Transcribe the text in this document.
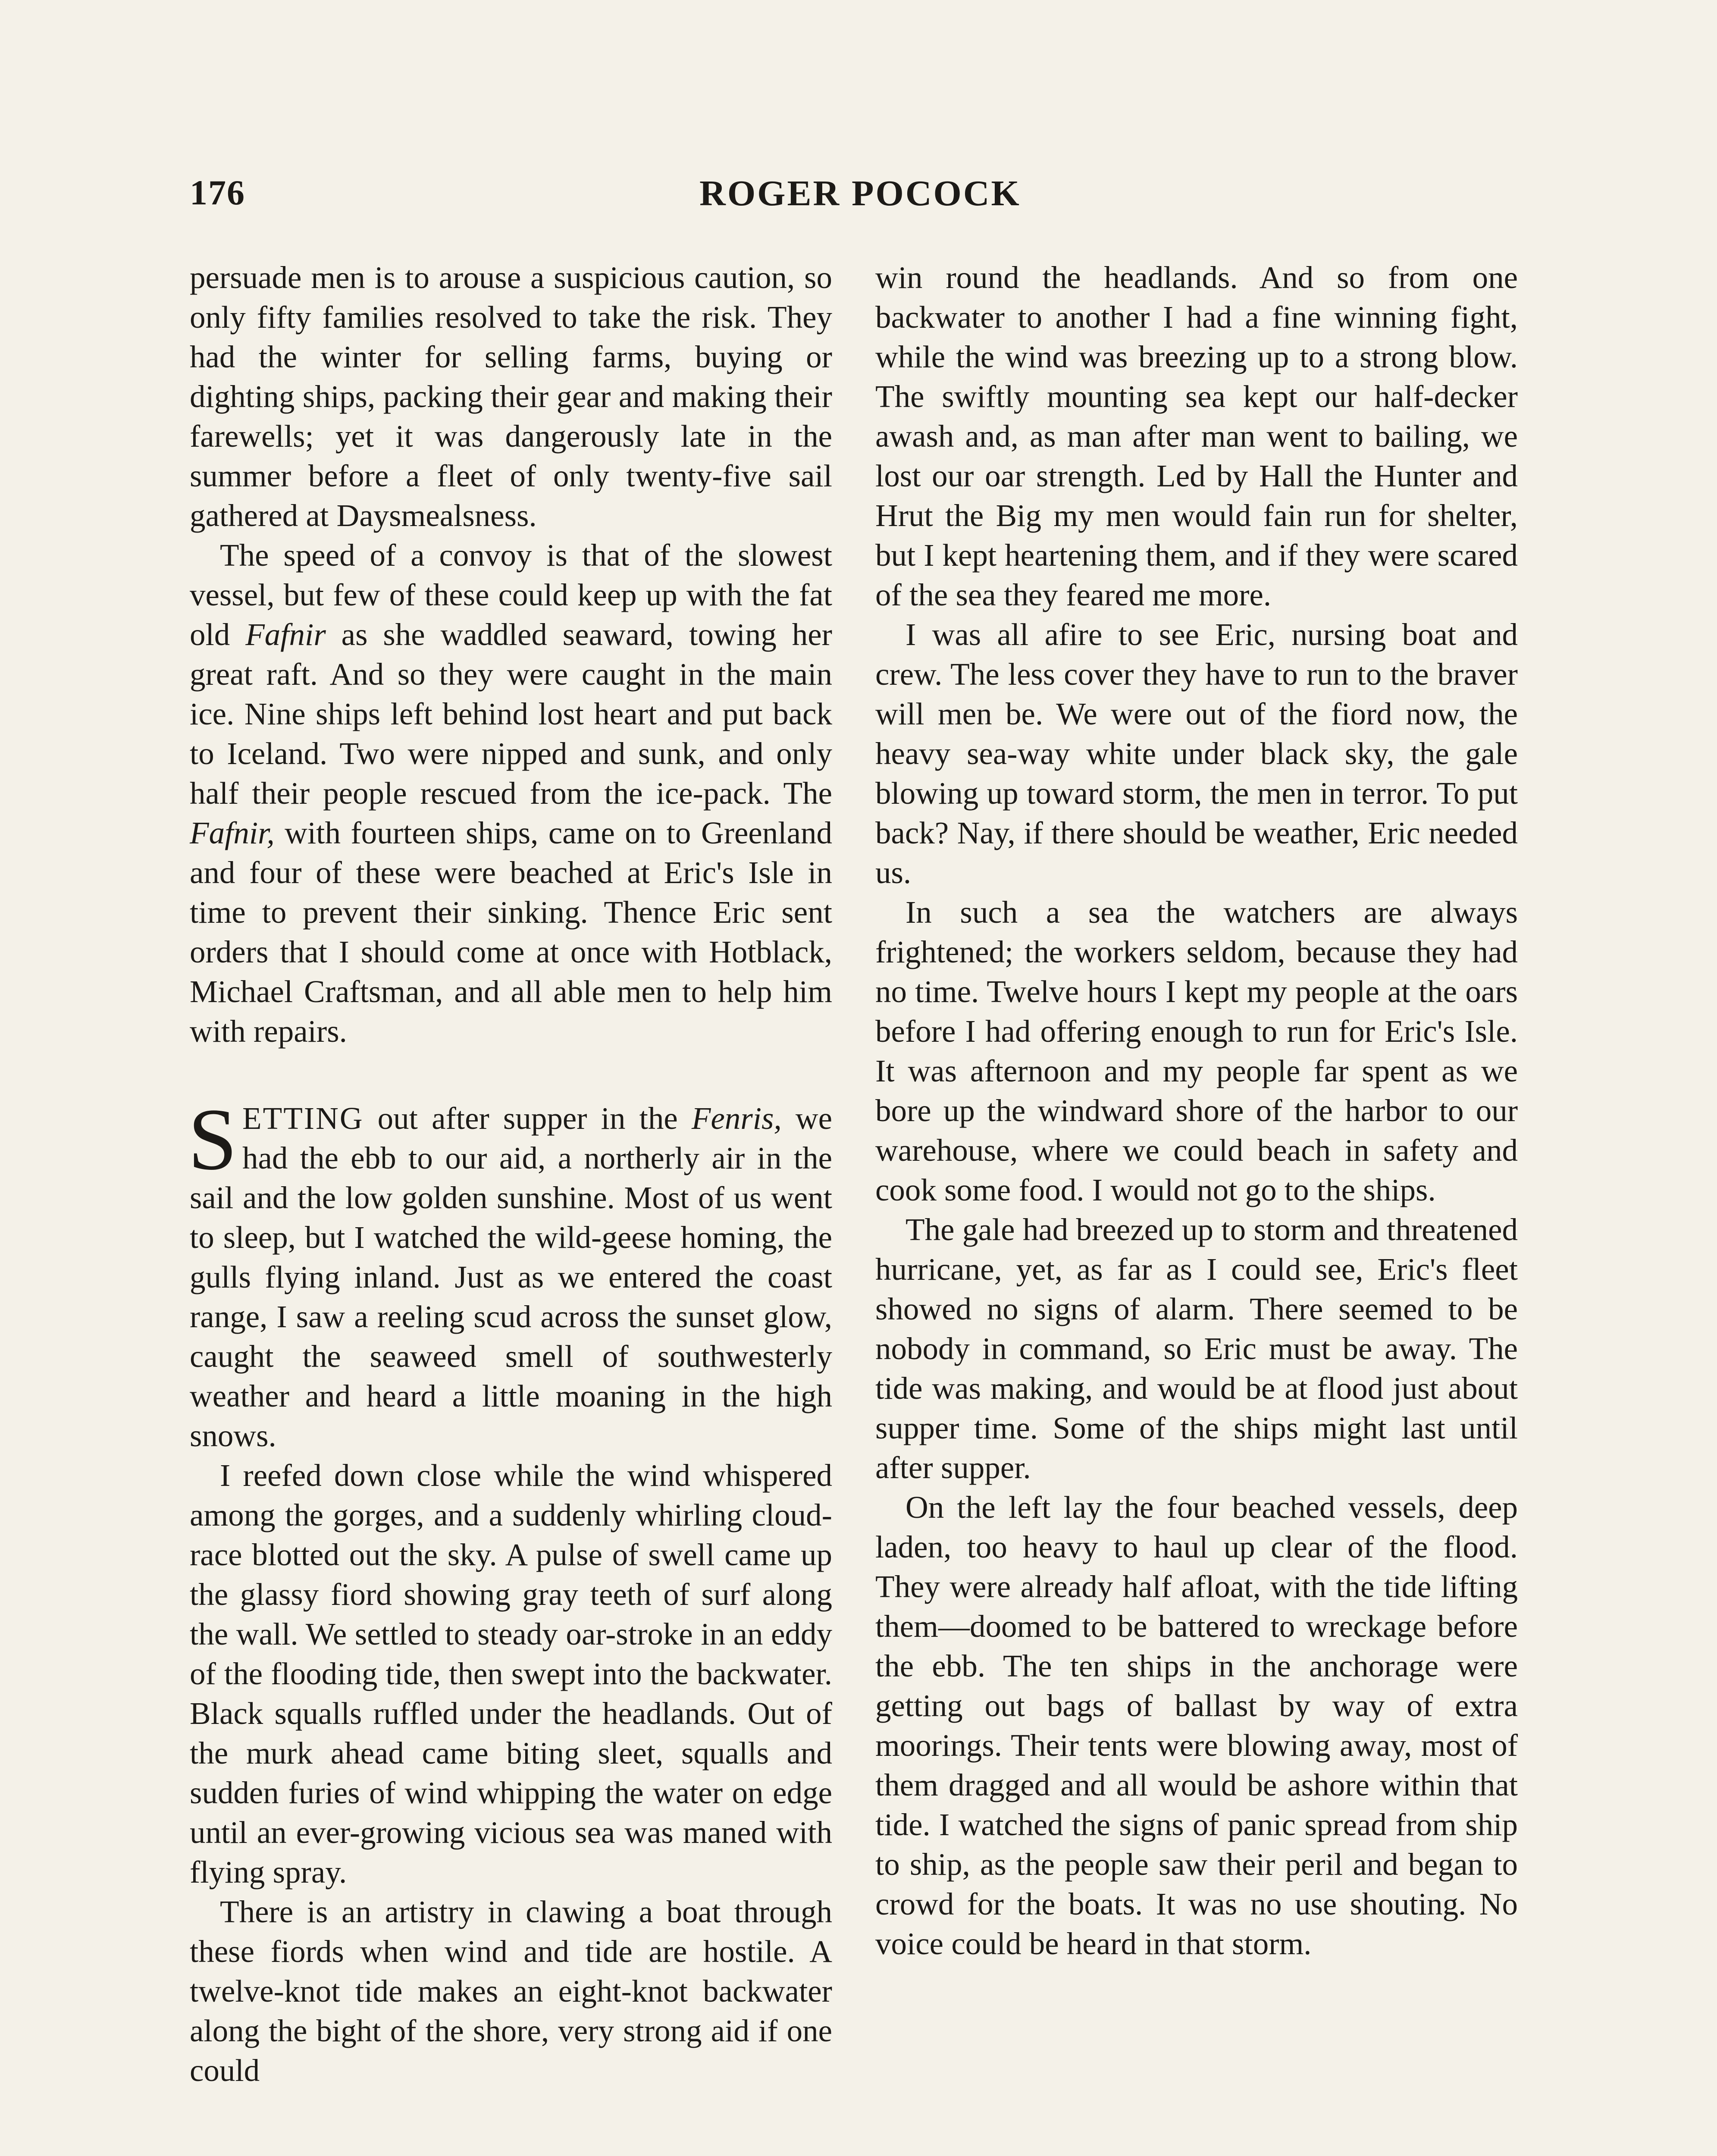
176	ROGER POCOCK

persuade men is to arouse a suspicious caution, so only fifty families resolved to take the risk. They had the winter for selling farms, buying or dighting ships, packing their gear and making their farewells; yet it was dangerously late in the summer before a fleet of only twenty-five sail gathered at Daysmealsness.

The speed of a convoy is that of the slowest vessel, but few of these could keep up with the fat old Fafnir as she waddled seaward, towing her great raft. And so they were caught in the main ice. Nine ships left behind lost heart and put back to Iceland. Two were nipped and sunk, and only half their people rescued from the ice-pack. The Fafnir, with fourteen ships, came on to Greenland and four of these were beached at Eric's Isle in time to prevent their sinking. Thence Eric sent orders that I should come at once with Hotblack, Michael Craftsman, and all able men to help him with repairs.

SETTING out after supper in the Fenris, we had the ebb to our aid, a northerly air in the sail and the low golden sunshine. Most of us went to sleep, but I watched the wild-geese homing, the gulls flying inland. Just as we entered the coast range, I saw a reeling scud across the sunset glow, caught the seaweed smell of southwesterly weather and heard a little moaning in the high snows.

I reefed down close while the wind whispered among the gorges, and a suddenly whirling cloud-race blotted out the sky. A pulse of swell came up the glassy fiord showing gray teeth of surf along the wall. We settled to steady oar-stroke in an eddy of the flooding tide, then swept into the backwater. Black squalls ruffled under the headlands. Out of the murk ahead came biting sleet, squalls and sudden furies of wind whipping the water on edge until an ever-growing vicious sea was maned with flying spray.

There is an artistry in clawing a boat through these fiords when wind and tide are hostile. A twelve-knot tide makes an eight-knot backwater along the bight of the shore, very strong aid if one could

win round the headlands. And so from one backwater to another I had a fine winning fight, while the wind was breezing up to a strong blow. The swiftly mounting sea kept our half-decker awash and, as man after man went to bailing, we lost our oar strength. Led by Hall the Hunter and Hrut the Big my men would fain run for shelter, but I kept heartening them, and if they were scared of the sea they feared me more.

I was all afire to see Eric, nursing boat and crew. The less cover they have to run to the braver will men be. We were out of the fiord now, the heavy sea-way white under black sky, the gale blowing up toward storm, the men in terror. To put back? Nay, if there should be weather, Eric needed us.

In such a sea the watchers are always frightened; the workers seldom, because they had no time. Twelve hours I kept my people at the oars before I had offering enough to run for Eric's Isle. It was afternoon and my people far spent as we bore up the windward shore of the harbor to our warehouse, where we could beach in safety and cook some food. I would not go to the ships.

The gale had breezed up to storm and threatened hurricane, yet, as far as I could see, Eric's fleet showed no signs of alarm. There seemed to be nobody in command, so Eric must be away. The tide was making, and would be at flood just about supper time. Some of the ships might last until after supper.

On the left lay the four beached vessels, deep laden, too heavy to haul up clear of the flood. They were already half afloat, with the tide lifting them—doomed to be battered to wreckage before the ebb. The ten ships in the anchorage were getting out bags of ballast by way of extra moorings. Their tents were blowing away, most of them dragged and all would be ashore within that tide. I watched the signs of panic spread from ship to ship, as the people saw their peril and began to crowd for the boats. It was no use shouting. No voice could be heard in that storm.
